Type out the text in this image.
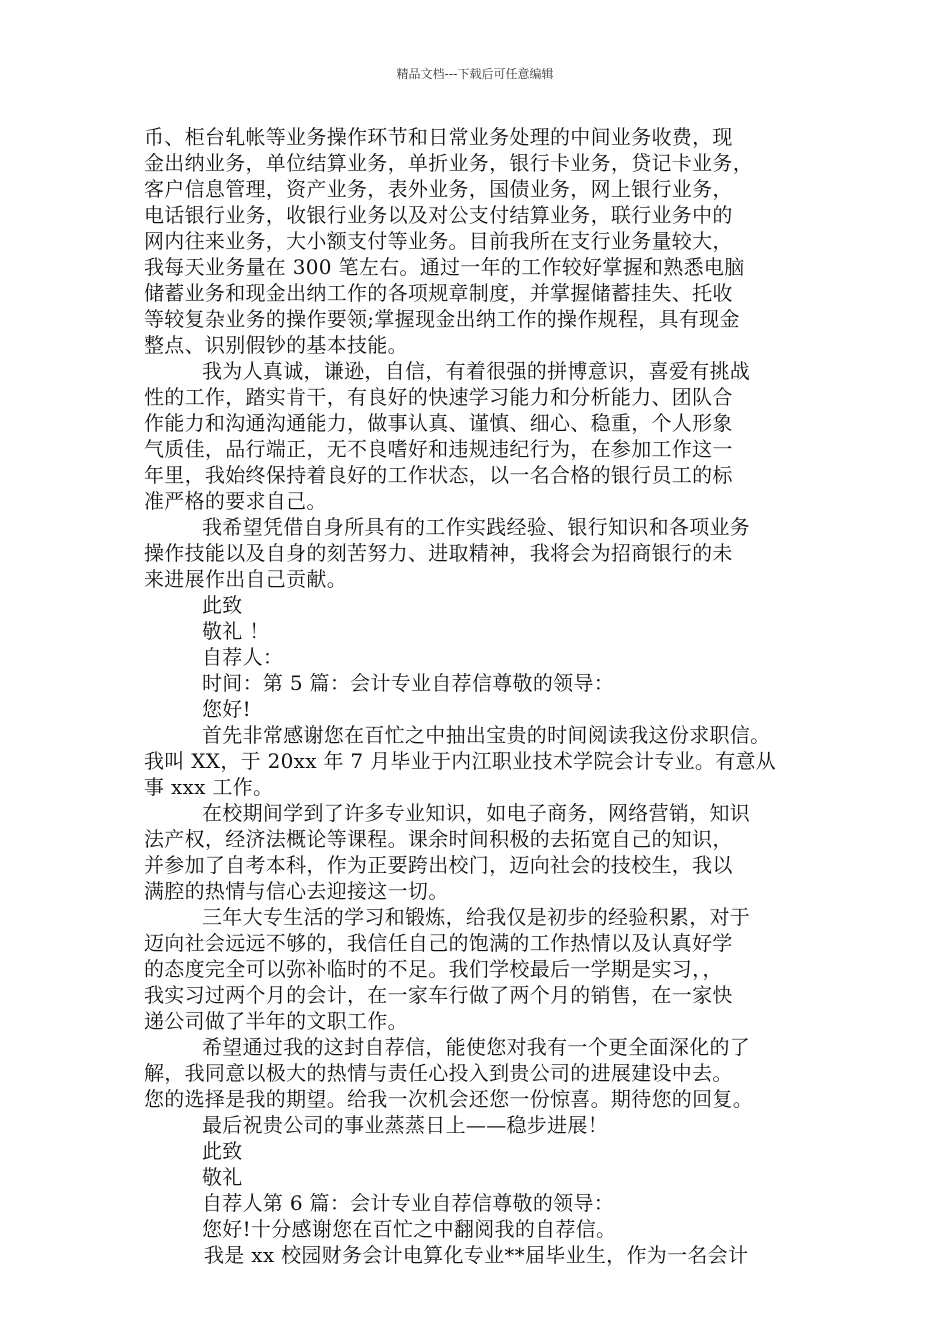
精品文档---下载后可任意编辑
币、柜台轧帐等业务操作环节和日常业务处理的中间业务收费，现
金出纳业务，单位结算业务，单折业务，银行卡业务，贷记卡业务，
客户信息管理，资产业务，表外业务，国债业务，网上银行业务，
电话银行业务，收银行业务以及对公支付结算业务，联行业务中的
网内往来业务，大小额支付等业务。目前我所在支行业务量较大，
我每天业务量在 300 笔左右。通过一年的工作较好掌握和熟悉电脑
储蓄业务和现金出纳工作的各项规章制度，并掌握储蓄挂失、托收
等较复杂业务的操作要领;掌握现金出纳工作的操作规程，具有现金
整点、识别假钞的基本技能。
我为人真诚，谦逊，自信，有着很强的拼博意识，喜爱有挑战
性的工作，踏实肯干，有良好的快速学习能力和分析能力、团队合
作能力和沟通沟通能力，做事认真、谨慎、细心、稳重，个人形象
气质佳，品行端正，无不良嗜好和违规违纪行为，在参加工作这一
年里，我始终保持着良好的工作状态，以一名合格的银行员工的标
准严格的要求自己。
我希望凭借自身所具有的工作实践经验、银行知识和各项业务
操作技能以及自身的刻苦努力、进取精神，我将会为招商银行的未
来进展作出自己贡献。
此致
敬礼 ！
自荐人：
时间：第 5 篇：会计专业自荐信尊敬的领导：
您好!
首先非常感谢您在百忙之中抽出宝贵的时间阅读我这份求职信。
我叫 XX，于 20xx 年 7 月毕业于内江职业技术学院会计专业。有意从
事 xxx 工作。
在校期间学到了许多专业知识，如电子商务，网络营销，知识
法产权，经济法概论等课程。课余时间积极的去拓宽自己的知识，
并参加了自考本科，作为正要跨出校门，迈向社会的技校生，我以
满腔的热情与信心去迎接这一切。
三年大专生活的学习和锻炼，给我仅是初步的经验积累，对于
迈向社会远远不够的，我信任自己的饱满的工作热情以及认真好学
的态度完全可以弥补临时的不足。我们学校最后一学期是实习，，
我实习过两个月的会计，在一家车行做了两个月的销售，在一家快
递公司做了半年的文职工作。
希望通过我的这封自荐信，能使您对我有一个更全面深化的了
解，我同意以极大的热情与责任心投入到贵公司的进展建设中去。
您的选择是我的期望。给我一次机会还您一份惊喜。期待您的回复。
最后祝贵公司的事业蒸蒸日上——稳步进展！
此致
敬礼
自荐人第 6 篇：会计专业自荐信尊敬的领导：
您好!十分感谢您在百忙之中翻阅我的自荐信。
我是 xx 校园财务会计电算化专业**届毕业生，作为一名会计
